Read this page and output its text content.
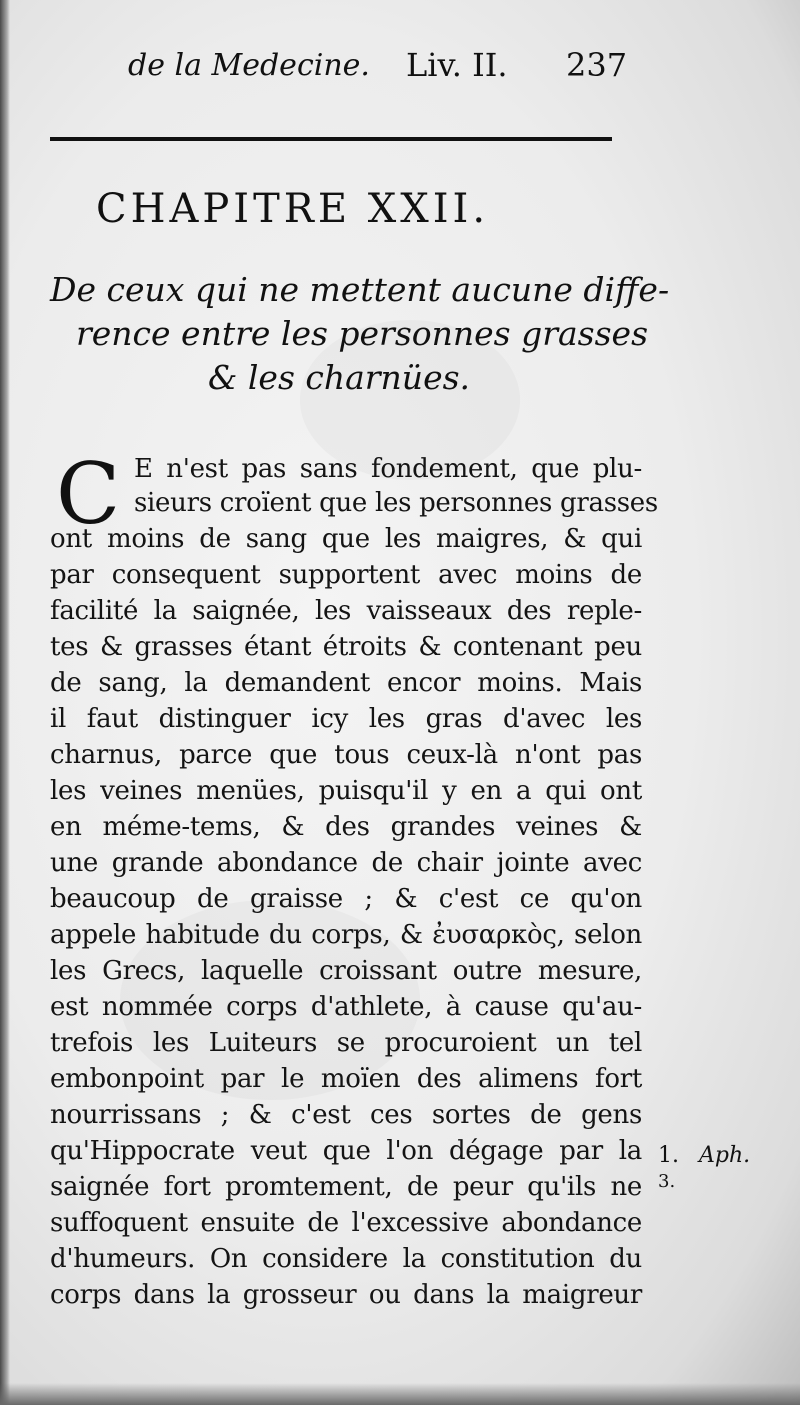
de la Medecine. Liv. II. 237
CHAPITRE XXII.
De ceux qui ne mettent aucune diffe-
rence entre les personnes grasses
& les charnües.
C E n'est pas sans fondement, que plu-
sieurs croïent que les personnes grasses
ont moins de sang que les maigres, & qui
par consequent supportent avec moins de
facilité la saignée, les vaisseaux des reple-
tes & grasses étant étroits & contenant peu
de sang, la demandent encor moins. Mais
il faut distinguer icy les gras d'avec les
charnus, parce que tous ceux-là n'ont pas
les veines menües, puisqu'il y en a qui ont
en méme-tems, & des grandes veines &
une grande abondance de chair jointe avec
beaucoup de graisse ; & c'est ce qu'on
appele habitude du corps, & ἐυσαρκὸς, selon
les Grecs, laquelle croissant outre mesure,
est nommée corps d'athlete, à cause qu'au-
trefois les Luiteurs se procuroient un tel
embonpoint par le moïen des alimens fort
nourrissans ; & c'est ces sortes de gens
qu'Hippocrate veut que l'on dégage par la
saignée fort promtement, de peur qu'ils ne
suffoquent ensuite de l'excessive abondance
d'humeurs. On considere la constitution du
corps dans la grosseur ou dans la maigreur
1. Aph.
3.
